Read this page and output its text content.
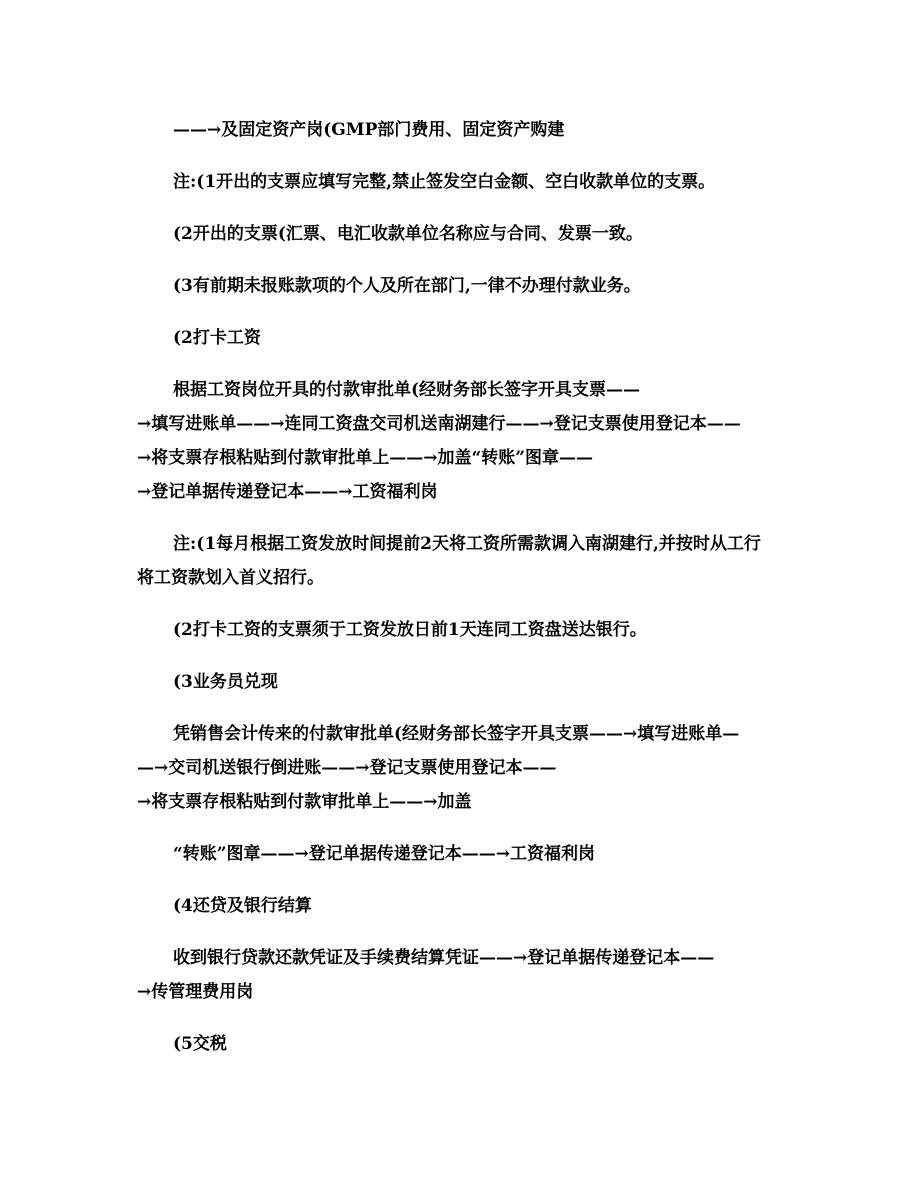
——→及固定资产岗(GMP部门费用、固定资产购建
注:(1开出的支票应填写完整,禁止签发空白金额、空白收款单位的支票。
(2开出的支票(汇票、电汇收款单位名称应与合同、发票一致。
(3有前期未报账款项的个人及所在部门,一律不办理付款业务。
(2打卡工资
根据工资岗位开具的付款审批单(经财务部长签字开具支票——
→填写进账单——→连同工资盘交司机送南湖建行——→登记支票使用登记本——
→将支票存根粘贴到付款审批单上——→加盖“转账”图章——
→登记单据传递登记本——→工资福利岗
注:(1每月根据工资发放时间提前2天将工资所需款调入南湖建行,并按时从工行
将工资款划入首义招行。
(2打卡工资的支票须于工资发放日前1天连同工资盘送达银行。
(3业务员兑现
凭销售会计传来的付款审批单(经财务部长签字开具支票——→填写进账单—
—→交司机送银行倒进账——→登记支票使用登记本——
→将支票存根粘贴到付款审批单上——→加盖
“转账”图章——→登记单据传递登记本——→工资福利岗
(4还贷及银行结算
收到银行贷款还款凭证及手续费结算凭证——→登记单据传递登记本——
→传管理费用岗
(5交税
